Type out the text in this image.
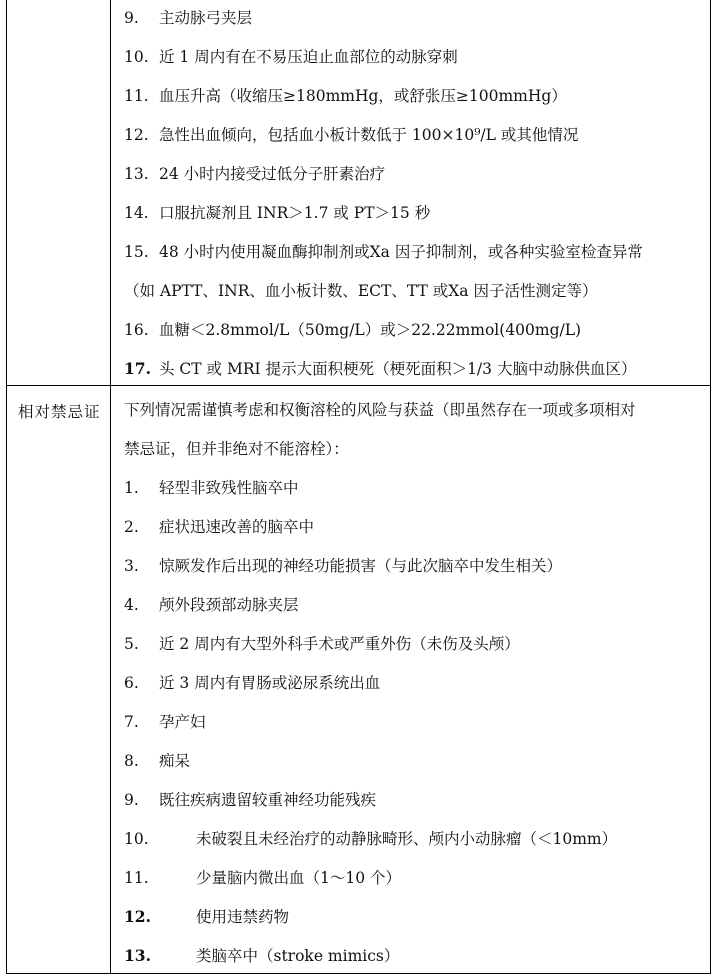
9. 主动脉弓夹层
10. 近 1 周内有在不易压迫止血部位的动脉穿刺
11. 血压升高（收缩压≥180mmHg，或舒张压≥100mmHg）
12. 急性出血倾向，包括血小板计数低于 100×10⁹/L 或其他情况
13. 24 小时内接受过低分子肝素治疗
14. 口服抗凝剂且 INR＞1.7 或 PT＞15 秒
15. 48 小时内使用凝血酶抑制剂或Xa 因子抑制剂，或各种实验室检查异常
（如 APTT、INR、血小板计数、ECT、TT 或Xa 因子活性测定等）
16. 血糖＜2.8mmol/L（50mg/L）或＞22.22mmol(400mg/L)
17. 头 CT 或 MRI 提示大面积梗死（梗死面积＞1/3 大脑中动脉供血区）
相对禁忌证 下列情况需谨慎考虑和权衡溶栓的风险与获益（即虽然存在一项或多项相对
禁忌证，但并非绝对不能溶栓）：
1. 轻型非致残性脑卒中
2. 症状迅速改善的脑卒中
3. 惊厥发作后出现的神经功能损害（与此次脑卒中发生相关）
4. 颅外段颈部动脉夹层
5. 近 2 周内有大型外科手术或严重外伤（未伤及头颅）
6. 近 3 周内有胃肠或泌尿系统出血
7. 孕产妇
8. 痴呆
9. 既往疾病遗留较重神经功能残疾
10.	未破裂且未经治疗的动静脉畸形、颅内小动脉瘤（＜10mm）
11.	少量脑内微出血（1～10 个）
12.	使用违禁药物
13.	类脑卒中（stroke mimics）
